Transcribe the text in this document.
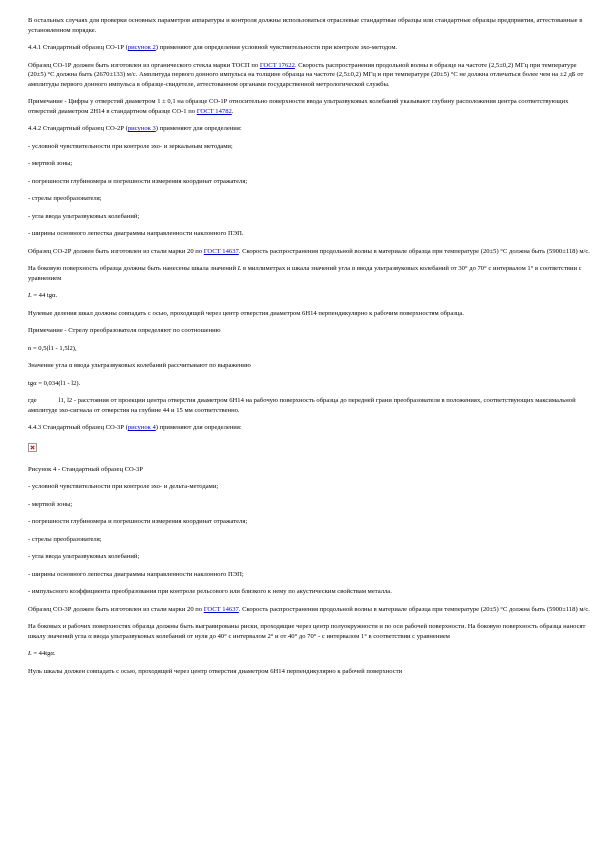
В остальных случаях для проверки основных параметров аппаратуры и контроля должны использоваться отраслевые стандартные образцы или стандартные образцы предприятия, аттестованные в установленном порядке.

4.4.1 Стандартный образец СО-1Р (рисунок 2) применяют для определения условной чувствительности при контроле эхо-методом.

Образец СО-1Р должен быть изготовлен из органического стекла марки ТОСП по ГОСТ 17622. Скорость распространения продольной волны в образце на частоте (2,5±0,2) МГц при температуре (20±5) °С должна быть (2670±133) м/с. Амплитуда первого донного импульса на толщине образца на частоте (2,5±0,2) МГц и при температуре (20±5) °С не должна отличаться более чем на ±2 дБ от амплитуды первого донного импульса в образце-свидетеле, аттестованном органами государственной метрологической службы.

Примечание - Цифры у отверстий диаметром 1 ± 0,1 на образце СО-1Р относительно поверхности ввода ультразвуковых колебаний указывают глубину расположения центра соответствующих отверстий диаметром 2Н14 в стандартном образце СО-1 по ГОСТ 14782.

4.4.2 Стандартный образец СО-2Р (рисунок 3) применяют для определения:

- условной чувствительности при контроле эхо- и зеркальным методами;

- мертвой зоны;

- погрешности глубиномера и погрешности измерения координат отражателя;

- стрелы преобразователя;

- угла ввода ультразвуковых колебаний;

- ширины основного лепестка диаграммы направленности наклонного ПЭП.

Образец СО-2Р должен быть изготовлен из стали марки 20 по ГОСТ 14637. Скорость распространения продольной волны в материале образца при температуре (20±5) °С должна быть (5900±118) м/с.

На боковую поверхность образца должны быть нанесены шкала значений L в миллиметрах и шкала значений угла α ввода ультразвуковых колебаний от 30° до 70° с интервалом 1° в соответствии с уравнением

L = 44 tgα.

Нулевые деления шкал должны совпадать с осью, проходящей через центр отверстия диаметром 6Н14 перпендикулярно к рабочим поверхностям образца.

Примечание - Стрелу преобразователя определяют по соотношению

n = 0,5(l1 - 1,5l2),

Значение угла α ввода ультразвуковых колебаний рассчитывают по выражению

tgα = 0,034(l1 - l2).

где	l1, l2 - расстояния от проекции центра отверстия диаметром 6Н14 на рабочую поверхность образца до передней грани преобразователя в положениях, соответствующих максимальной амплитуде эхо-сигнала от отверстия на глубине 44 и 15 мм соответственно.

4.4.3 Стандартный образец СО-3Р (рисунок 4) применяют для определения:

Рисунок 4 - Стандартный образец СО-3Р

- условной чувствительности при контроле эхо- и дельта-методами;

- мертвой зоны;

- погрешности глубиномера и погрешности измерения координат отражателя;

- стрелы преобразователя;

- угла ввода ультразвуковых колебаний;

- ширины основного лепестка диаграммы направленности наклонного ПЭП;

- импульсного коэффициента преобразования при контроле рельсового или близкого к нему по акустическим свойствам металла.

Образец СО-3Р должен быть изготовлен из стали марки 20 по ГОСТ 14637. Скорость распространения продольной волны в материале образца при температуре (20±5) °С должна быть (5900±118) м/с.

На боковых и рабочих поверхностях образца должны быть выгравированы риски, проходящие через центр полуокружности и по оси рабочей поверхности. На боковую поверхность образца наносят шкалу значений угла α ввода ультразвуковых колебаний от нуля до 40° с интервалом 2° и от 40° до 70° - с интервалом 1° в соответствии с уравнением

L = 44tgα.

Нуль шкалы должен совпадать с осью, проходящей через центр отверстия диаметром 6Н14 перпендикулярно к рабочей поверхности
